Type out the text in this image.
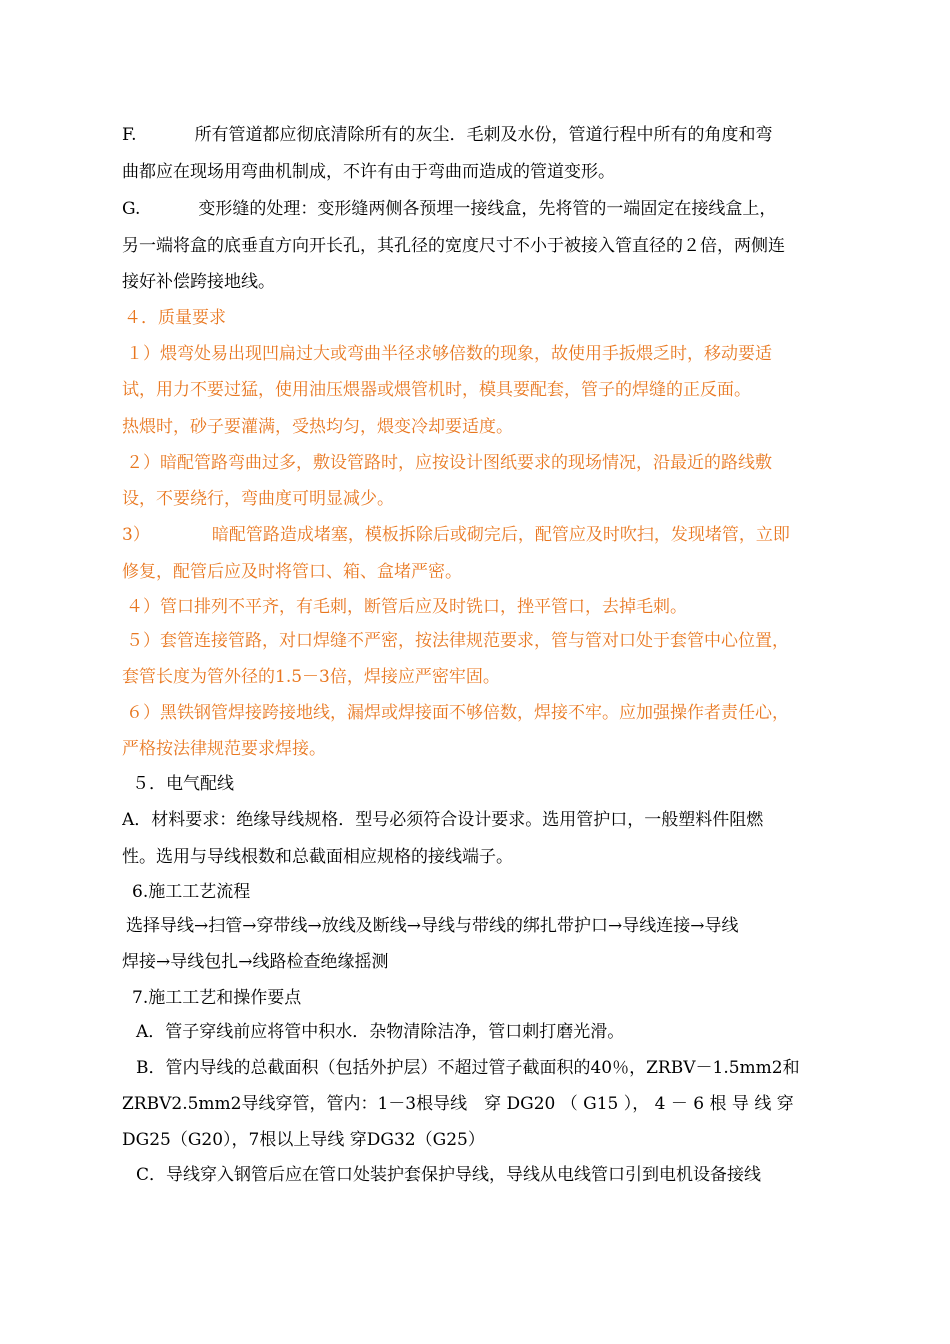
F.	所有管道都应彻底清除所有的灰尘．毛刺及水份，管道行程中所有的角度和弯
曲都应在现场用弯曲机制成，不许有由于弯曲而造成的管道变形。
G.	变形缝的处理：变形缝两侧各预埋一接线盒，先将管的一端固定在接线盒上，
另一端将盒的底垂直方向开长孔，其孔径的宽度尺寸不小于被接入管直径的２倍，两侧连
接好补偿跨接地线。
４．质量要求
１）煨弯处易出现凹扁过大或弯曲半径求够倍数的现象，故使用手扳煨乏时，移动要适
试，用力不要过猛，使用油压煨器或煨管机时，模具要配套，管子的焊缝的正反面。
热煨时，砂子要灌满，受热均匀，煨变冷却要适度。
２）暗配管路弯曲过多，敷设管路时，应按设计图纸要求的现场情况，沿最近的路线敷
设，不要绕行，弯曲度可明显减少。
3）	暗配管路造成堵塞，模板拆除后或砌完后，配管应及时吹扫，发现堵管，立即
修复，配管后应及时将管口、箱、盒堵严密。
４）管口排列不平齐，有毛刺，断管后应及时铣口，挫平管口，去掉毛刺。
５）套管连接管路，对口焊缝不严密，按法律规范要求，管与管对口处于套管中心位置，
套管长度为管外径的1.5－3倍，焊接应严密牢固。
６）黑铁钢管焊接跨接地线，漏焊或焊接面不够倍数，焊接不牢。应加强操作者责任心，
严格按法律规范要求焊接。
５．电气配线
A．材料要求：绝缘导线规格．型号必须符合设计要求。选用管护口，一般塑料件阻燃
性。选用与导线根数和总截面相应规格的接线端子。
6.施工工艺流程
选择导线→扫管→穿带线→放线及断线→导线与带线的绑扎带护口→导线连接→导线
焊接→导线包扎→线路检查绝缘摇测
7.施工工艺和操作要点
A．管子穿线前应将管中积水．杂物清除洁净，管口刺打磨光滑。
B．管内导线的总截面积（包括外护层）不超过管子截面积的40％，ZRBV－1.5mm2和
ZRBV2.5mm2导线穿管，管内：1－3根导线　穿 DG20 （ G15 ）， 4 － 6 根 导 线 穿
DG25（G20），7根以上导线 穿DG32（G25）
C．导线穿入钢管后应在管口处装护套保护导线，导线从电线管口引到电机设备接线
